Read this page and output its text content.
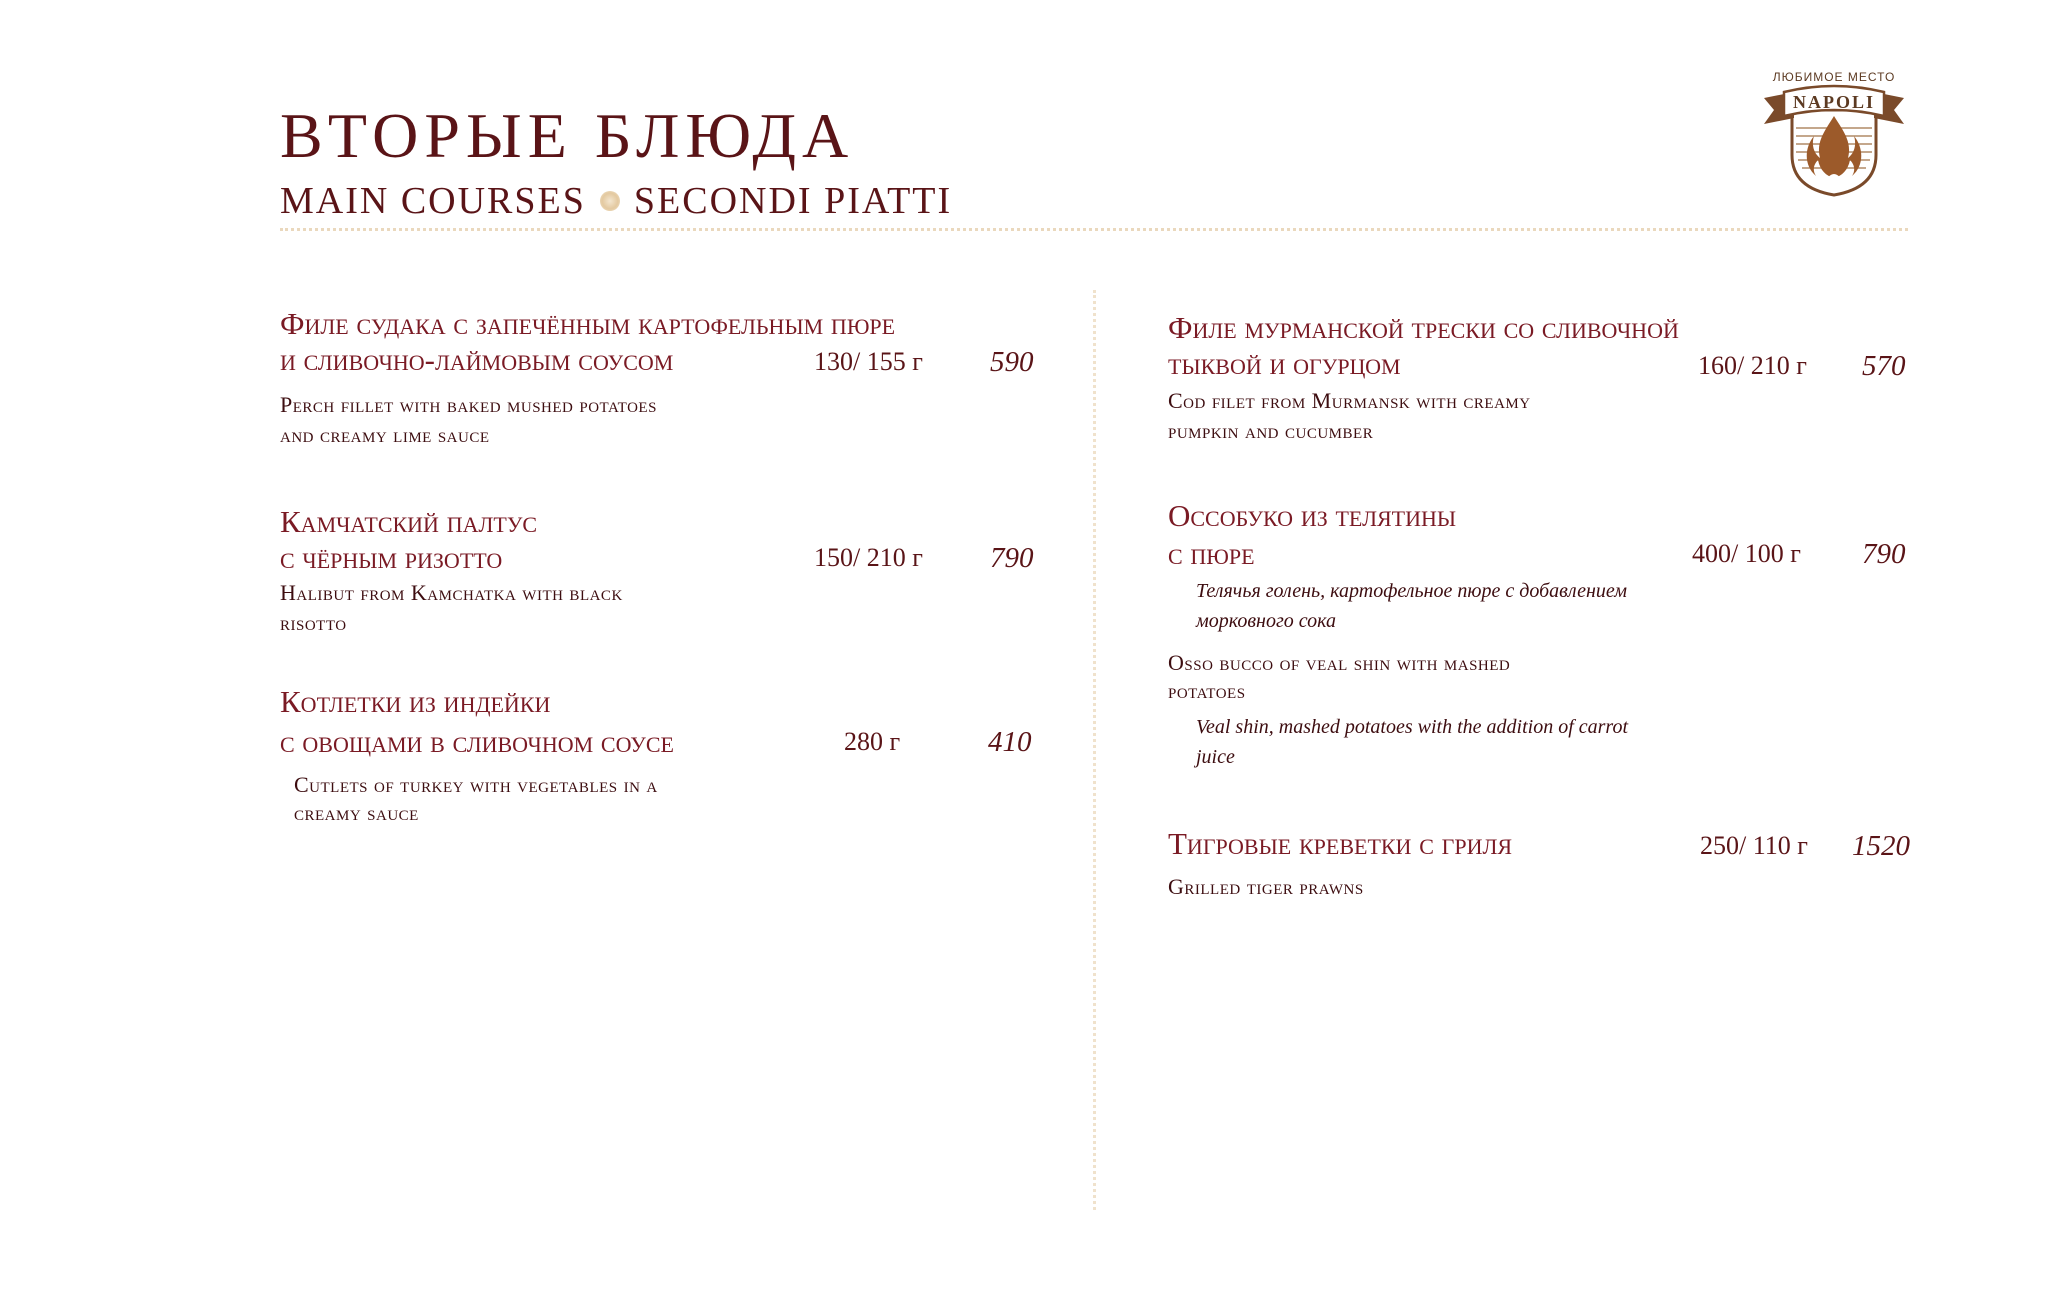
ВТОРЫЕ БЛЮДА
MAIN COURSES SECONDI PIATTI
ЛЮБИМОЕ МЕСТО
NAPOLI
Филе судака с запечённым картофельным пюре
и сливочно-лаймовым соусом	130/ 155 г 590
Perch fillet with baked mushed potatoes
and creamy lime sauce
Камчатский палтус
с чёрным ризотто	150/ 210 г 790
Halibut from Kamchatka with black
risotto
Котлетки из индейки
с овощами в сливочном соусе	280 г	410
Cutlets of turkey with vegetables in a
creamy sauce
Филе мурманской трески со сливочной
тыквой и огурцом	160/ 210 г 570
Cod filet from Murmansk with creamy
pumpkin and cucumber
Оссобуко из телятины
с пюре	400/ 100 г 790
Телячья голень, картофельное пюре с добавлением
морковного сока
Osso bucco of veal shin with mashed
potatoes
Veal shin, mashed potatoes with the addition of carrot
juice
Тигровые креветки с гриля	250/ 110 г 1520
Grilled tiger prawns
